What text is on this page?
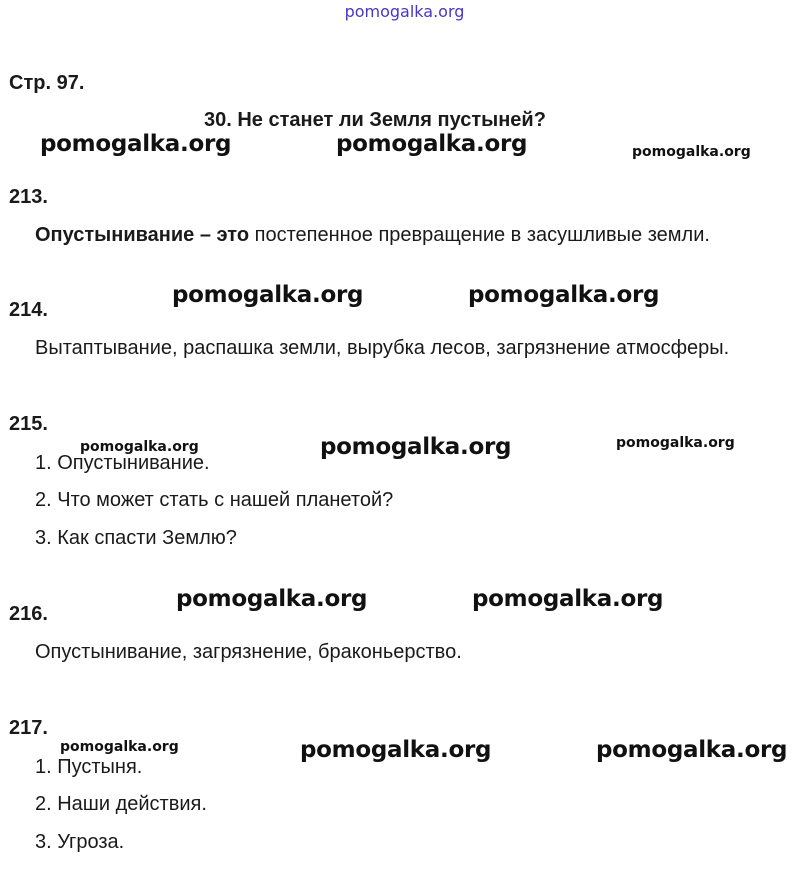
pomogalka.org
Стр. 97.
30. Не станет ли Земля пустыней?
pomogalka.org	pomogalka.org	pomogalka.org
213.
Опустынивание – это постепенное превращение в засушливые земли.
pomogalka.org	pomogalka.org
214.
Вытаптывание, распашка земли, вырубка лесов, загрязнение атмосферы.
215.
pomogalka.org	pomogalka.org	pomogalka.org
1. Опустынивание.
2. Что может стать с нашей планетой?
3. Как спасти Землю?
pomogalka.org	pomogalka.org
216.
Опустынивание, загрязнение, браконьерство.
217.
pomogalka.org	pomogalka.org	pomogalka.org
1. Пустыня.
2. Наши действия.
3. Угроза.
